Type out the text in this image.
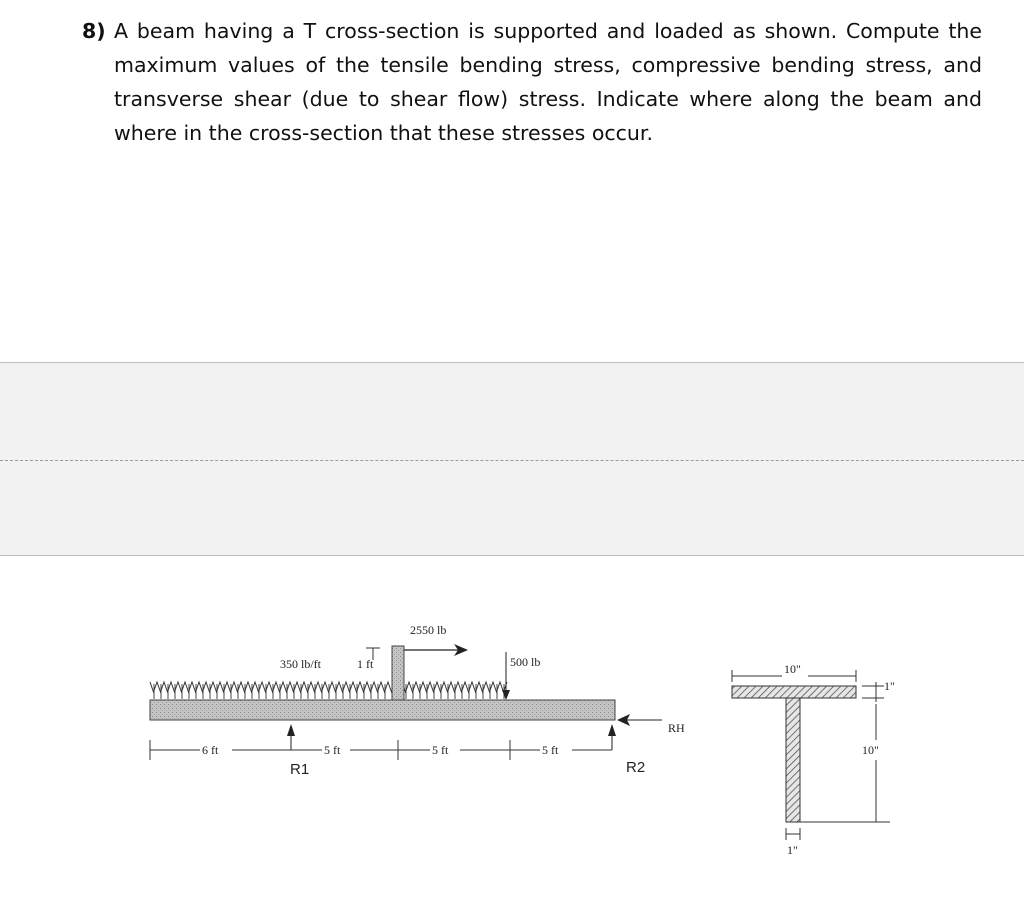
8) A beam having a T cross-section is supported and loaded as shown. Compute the maximum values of the tensile bending stress, compressive bending stress, and transverse shear (due to shear flow) stress. Indicate where along the beam and where in the cross-section that these stresses occur.
1 ft
2550 lb
350 lb/ft	500 lb
RH
R1	R2
6 ft	5 ft	5 ft	5 ft
10"
1"
10"
1"
